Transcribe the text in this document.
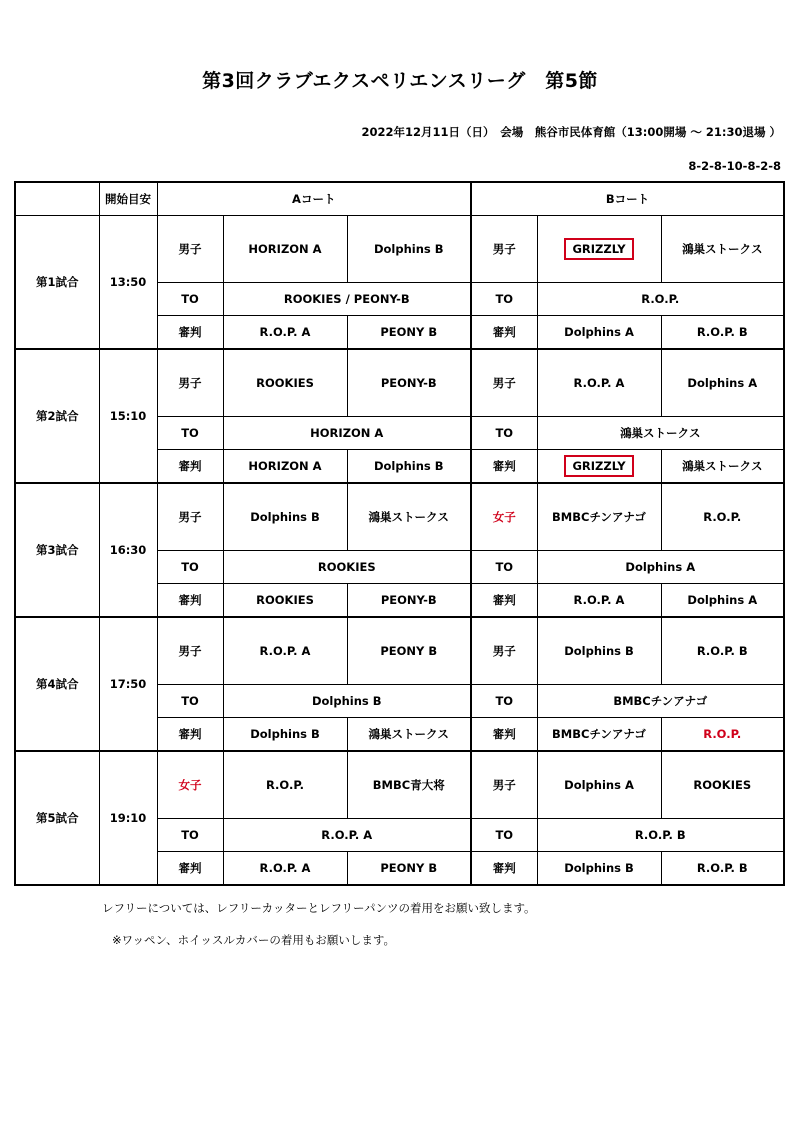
第3回クラブエクスペリエンスリーグ　第5節
2022年12月11日（日）　会場　熊谷市民体育館（13:00開場 〜 21:30退場 ）
8-2-8-10-8-2-8
	開始目安	Aコート			Bコート		
第1試合	13:50	男子	HORIZON A	Dolphins B	男子	GRIZZLY	鴻巣ストークス
		TO	ROOKIES / PEONY-B		TO	R.O.P.	
		審判	R.O.P. A	PEONY B	審判	Dolphins A	R.O.P. B
第2試合	15:10	男子	ROOKIES	PEONY-B	男子	R.O.P. A	Dolphins A
		TO	HORIZON A		TO	鴻巣ストークス	
		審判	HORIZON A	Dolphins B	審判	GRIZZLY	鴻巣ストークス
第3試合	16:30	男子	Dolphins B	鴻巣ストークス	女子	BMBCチンアナゴ	R.O.P.
		TO	ROOKIES		TO	Dolphins A	
		審判	ROOKIES	PEONY-B	審判	R.O.P. A	Dolphins A
第4試合	17:50	男子	R.O.P. A	PEONY B	男子	Dolphins B	R.O.P. B
		TO	Dolphins B		TO	BMBCチンアナゴ	
		審判	Dolphins B	鴻巣ストークス	審判	BMBCチンアナゴ	R.O.P.
第5試合	19:10	女子	R.O.P.	BMBC青大将	男子	Dolphins A	ROOKIES
		TO	R.O.P. A		TO	R.O.P. B	
		審判	R.O.P. A	PEONY B	審判	Dolphins B	R.O.P. B
レフリーについては、レフリーカッターとレフリーパンツの着用をお願い致します。
※ワッペン、ホイッスルカバーの着用もお願いします。
